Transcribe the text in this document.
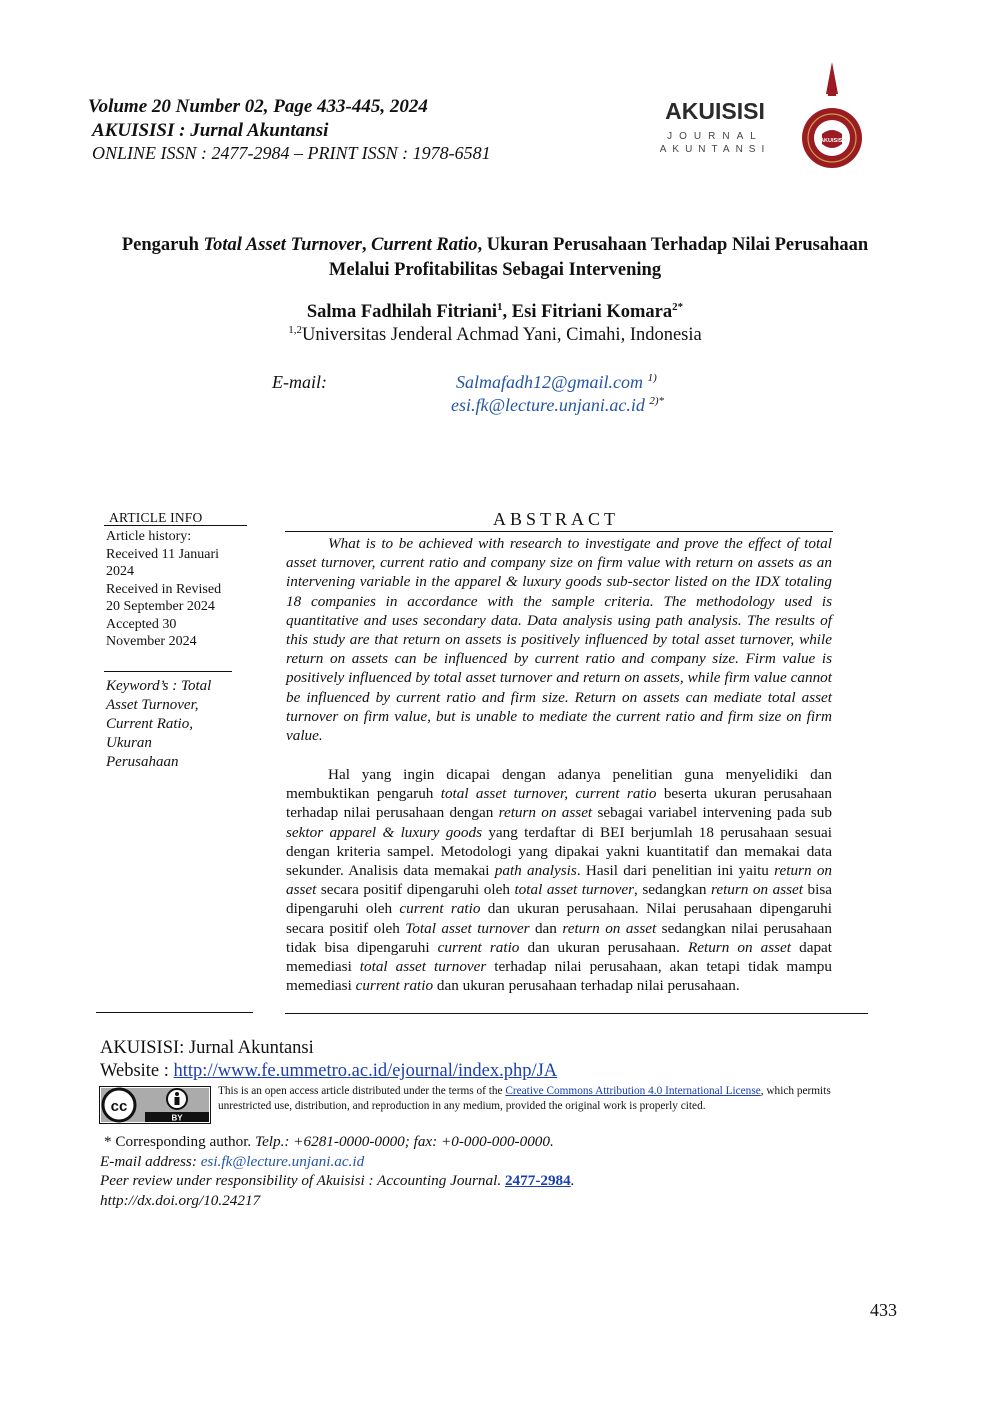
Volume 20 Number 02, Page 433-445, 2024
AKUISISI : Jurnal Akuntansi
ONLINE ISSN : 2477-2984 – PRINT ISSN : 1978-6581
AKUISISI
JOURNAL
AKUNTANSI
AKUISISI
Pengaruh Total Asset Turnover, Current Ratio, Ukuran Perusahaan Terhadap Nilai Perusahaan Melalui Profitabilitas Sebagai Intervening
Salma Fadhilah Fitriani$^1$, Esi Fitriani Komara$^{2*}$
$^{1,2}$Universitas Jenderal Achmad Yani, Cimahi, Indonesia
E-mail:	Salmafadh12@gmail.com $^{1)}$
esi.fk@lecture.unjani.ac.id $^{2)*}$
ARTICLE INFO
Article history:
Received 11 Januari
2024
Received in Revised
20 September 2024
Accepted 30
November 2024
Keyword’s : Total
Asset Turnover,
Current Ratio,
Ukuran
Perusahaan
ABSTRACT
What is to be achieved with research to investigate and prove the effect of total asset turnover, current ratio and company size on firm value with return on assets as an intervening variable in the apparel & luxury goods sub-sector listed on the IDX totaling 18 companies in accordance with the sample criteria. The methodology used is quantitative and uses secondary data. Data analysis using path analysis. The results of this study are that return on assets is positively influenced by total asset turnover, while return on assets can be influenced by current ratio and company size. Firm value is positively influenced by total asset turnover and return on assets, while firm value cannot be influenced by current ratio and firm size. Return on assets can mediate total asset turnover on firm value, but is unable to mediate the current ratio and firm size on firm value.
Hal yang ingin dicapai dengan adanya penelitian guna menyelidiki dan membuktikan pengaruh total asset turnover, current ratio beserta ukuran perusahaan terhadap nilai perusahaan dengan return on asset sebagai variabel intervening pada sub sektor apparel & luxury goods yang terdaftar di BEI berjumlah 18 perusahaan sesuai dengan kriteria sampel. Metodologi yang dipakai yakni kuantitatif dan memakai data sekunder. Analisis data memakai path analysis. Hasil dari penelitian ini yaitu return on asset secara positif dipengaruhi oleh total asset turnover, sedangkan return on asset bisa dipengaruhi oleh current ratio dan ukuran perusahaan. Nilai perusahaan dipengaruhi secara positif oleh Total asset turnover dan return on asset sedangkan nilai perusahaan tidak bisa dipengaruhi current ratio dan ukuran perusahaan. Return on asset dapat memediasi total asset turnover terhadap nilai perusahaan, akan tetapi tidak mampu memediasi current ratio dan ukuran perusahaan terhadap nilai perusahaan.
AKUISISI: Jurnal Akuntansi
Website : http://www.fe.ummetro.ac.id/ejournal/index.php/JA
cc
BY
This is an open access article distributed under the terms of the Creative Commons Attribution 4.0 International License, which permits unrestricted use, distribution, and reproduction in any medium, provided the original work is properly cited.
* Corresponding author. Telp.: +6281-0000-0000; fax: +0-000-000-0000.
E-mail address: esi.fk@lecture.unjani.ac.id
Peer review under responsibility of Akuisisi : Accounting Journal. 2477-2984.
http://dx.doi.org/10.24217
433
